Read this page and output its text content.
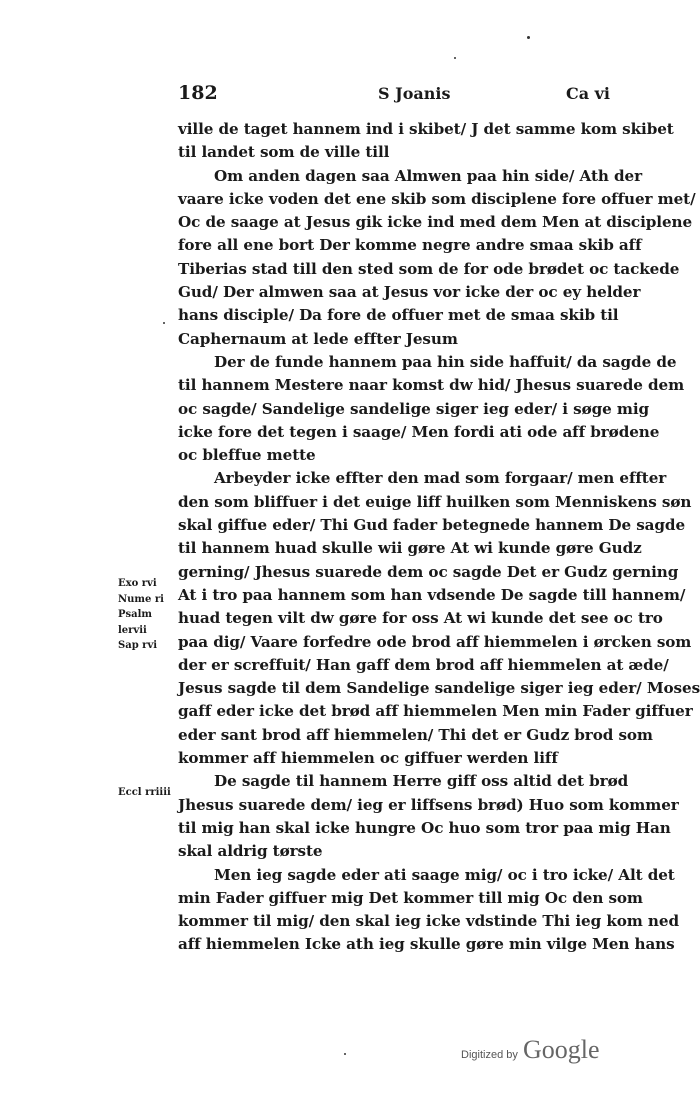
182	S Joanis	Ca vi
ville de taget hannem ind i skibet/ J det samme kom skibet
til landet som de ville till
Om anden dagen saa Almwen paa hin side/ Ath der
vaare icke voden det ene skib som disciplene fore offuer met/
Oc de saage at Jesus gik icke ind med dem Men at disciplene
fore all ene bort Der komme negre andre smaa skib aff
Tiberias stad till den sted som de for ode brødet oc tackede
Gud/ Der almwen saa at Jesus vor icke der oc ey helder
hans disciple/ Da fore de offuer met de smaa skib til
Caphernaum at lede effter Jesum
Der de funde hannem paa hin side haffuit/ da sagde de
til hannem Mestere naar komst dw hid/ Jhesus suarede dem
oc sagde/ Sandelige sandelige siger ieg eder/ i søge mig
icke fore det tegen i saage/ Men fordi ati ode aff brødene
oc bleffue mette
Arbeyder icke effter den mad som forgaar/ men effter
den som bliffuer i det euige liff huilken som Menniskens søn
skal giffue eder/ Thi Gud fader betegnede hannem De sagde
til hannem huad skulle wii gøre At wi kunde gøre Gudz
gerning/ Jhesus suarede dem oc sagde Det er Gudz gerning
At i tro paa hannem som han vdsende De sagde till hannem/
huad tegen vilt dw gøre for oss At wi kunde det see oc tro
paa dig/ Vaare forfedre ode brod aff hiemmelen i ørcken som
der er screffuit/ Han gaff dem brod aff hiemmelen at æde/
Jesus sagde til dem Sandelige sandelige siger ieg eder/ Moses
gaff eder icke det brød aff hiemmelen Men min Fader giffuer
eder sant brod aff hiemmelen/ Thi det er Gudz brod som
kommer aff hiemmelen oc giffuer werden liff
De sagde til hannem Herre giff oss altid det brød
Jhesus suarede dem/ ieg er liffsens brød) Huo som kommer
til mig han skal icke hungre Oc huo som tror paa mig Han
skal aldrig tørste
Men ieg sagde eder ati saage mig/ oc i tro icke/ Alt det
min Fader giffuer mig Det kommer till mig Oc den som
kommer til mig/ den skal ieg icke vdstinde Thi ieg kom ned
aff hiemmelen Icke ath ieg skulle gøre min vilge Men hans
Exo rvi
Nume ri
Psalm
lervii
Sap rvi
Eccl rriiii
Digitized by Google
